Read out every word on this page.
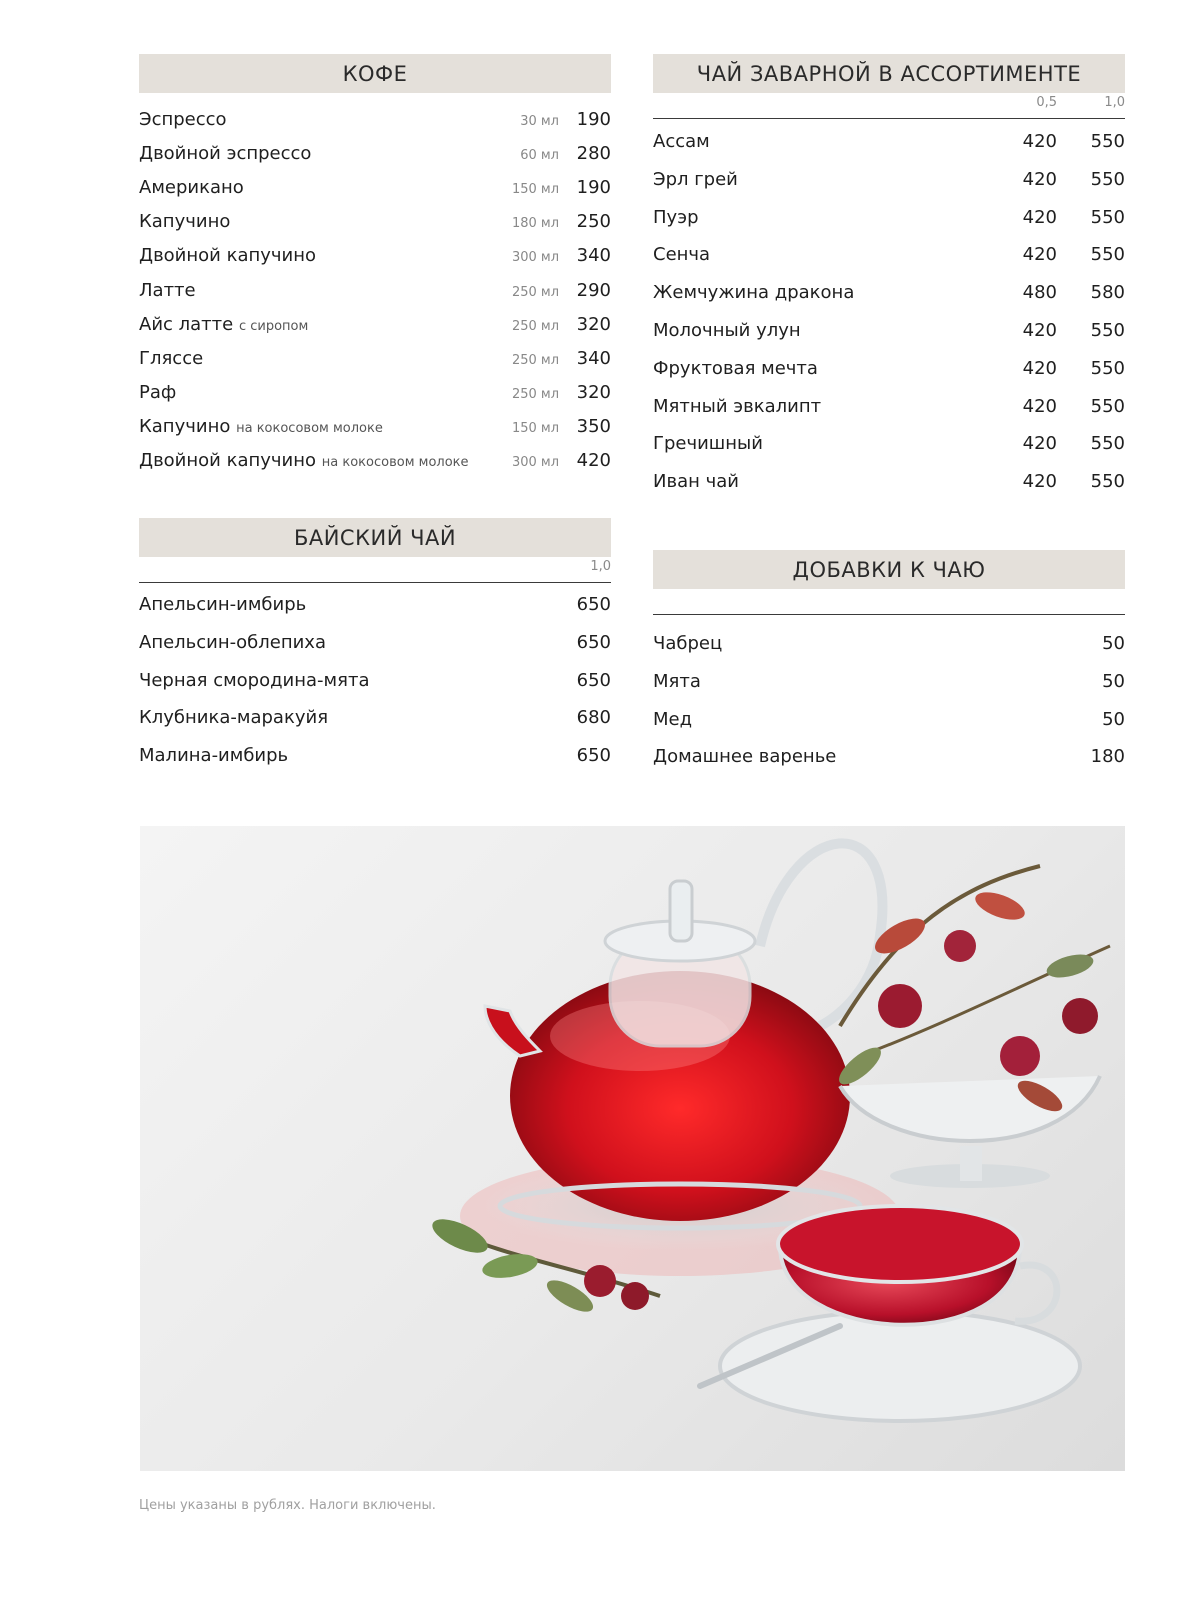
КОФЕ
Эспрессо	30 мл 190
Двойной эспрессо	60 мл 280
Американо	150 мл 190
Капучино	180 мл 250
Двойной капучино	300 мл 340
Латте	250 мл 290
Айс латте с сиропом	250 мл 320
Гляссе	250 мл 340
Раф	250 мл 320
Капучино на кокосовом молоке	150 мл 350
Двойной капучино на кокосовом молоке	300 мл 420
БАЙСКИЙ ЧАЙ
1,0
Апельсин-имбирь	650
Апельсин-облепиха	650
Черная смородина-мята	650
Клубника-маракуйя	680
Малина-имбирь	650
ЧАЙ ЗАВАРНОЙ В АССОРТИМЕНТЕ
0,5	1,0
Ассам	420	550
Эрл грей	420	550
Пуэр	420	550
Сенча	420	550
Жемчужина дракона	480	580
Молочный улун	420	550
Фруктовая мечта	420	550
Мятный эвкалипт	420	550
Гречишный	420	550
Иван чай	420	550
ДОБАВКИ К ЧАЮ
Чабрец	50
Мята	50
Мед	50
Домашнее варенье	180
Цены указаны в рублях. Налоги включены.
